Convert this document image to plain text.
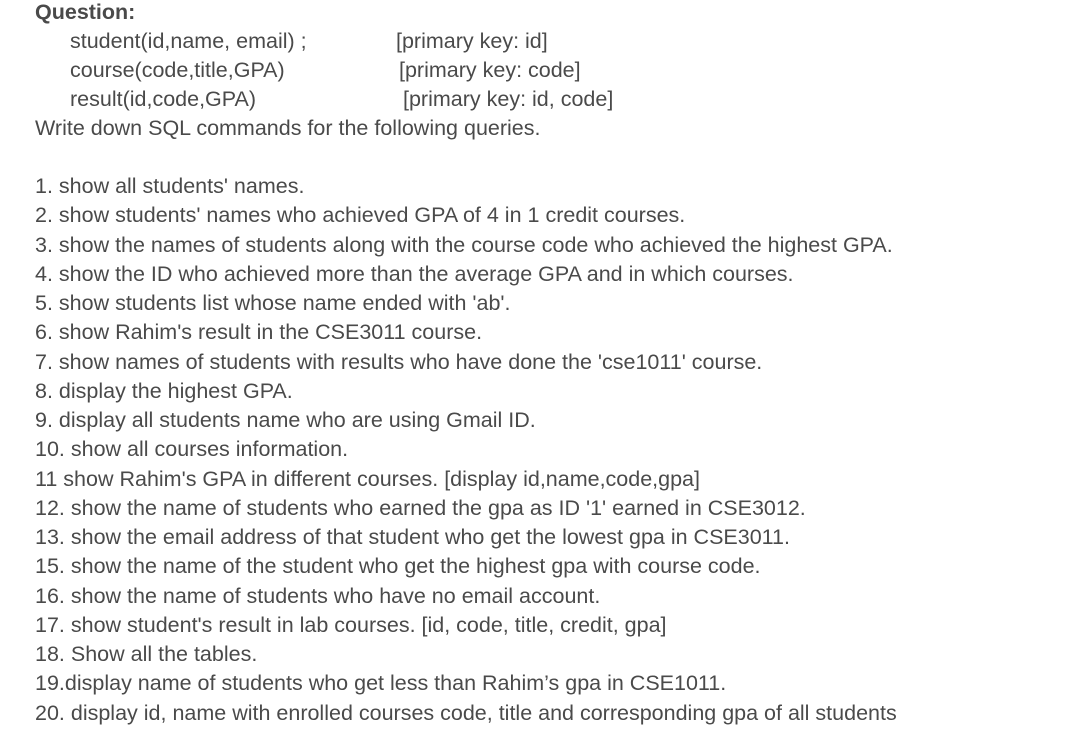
Question:
student(id,name, email) ;	[primary key: id]
course(code,title,GPA)	[primary key: code]
result(id,code,GPA)	[primary key: id, code]
Write down SQL commands for the following queries.
1. show all students' names.
2. show students' names who achieved GPA of 4 in 1 credit courses.
3. show the names of students along with the course code who achieved the highest GPA.
4. show the ID who achieved more than the average GPA and in which courses.
5. show students list whose name ended with 'ab'.
6. show Rahim's result in the CSE3011 course.
7. show names of students with results who have done the 'cse1011' course.
8. display the highest GPA.
9. display all students name who are using Gmail ID.
10. show all courses information.
11 show Rahim's GPA in different courses. [display id,name,code,gpa]
12. show the name of students who earned the gpa as ID '1' earned in CSE3012.
13. show the email address of that student who get the lowest gpa in CSE3011.
15. show the name of the student who get the highest gpa with course code.
16. show the name of students who have no email account.
17. show student's result in lab courses. [id, code, title, credit, gpa]
18. Show all the tables.
19.display name of students who get less than Rahim’s gpa in CSE1011.
20. display id, name with enrolled courses code, title and corresponding gpa of all students
